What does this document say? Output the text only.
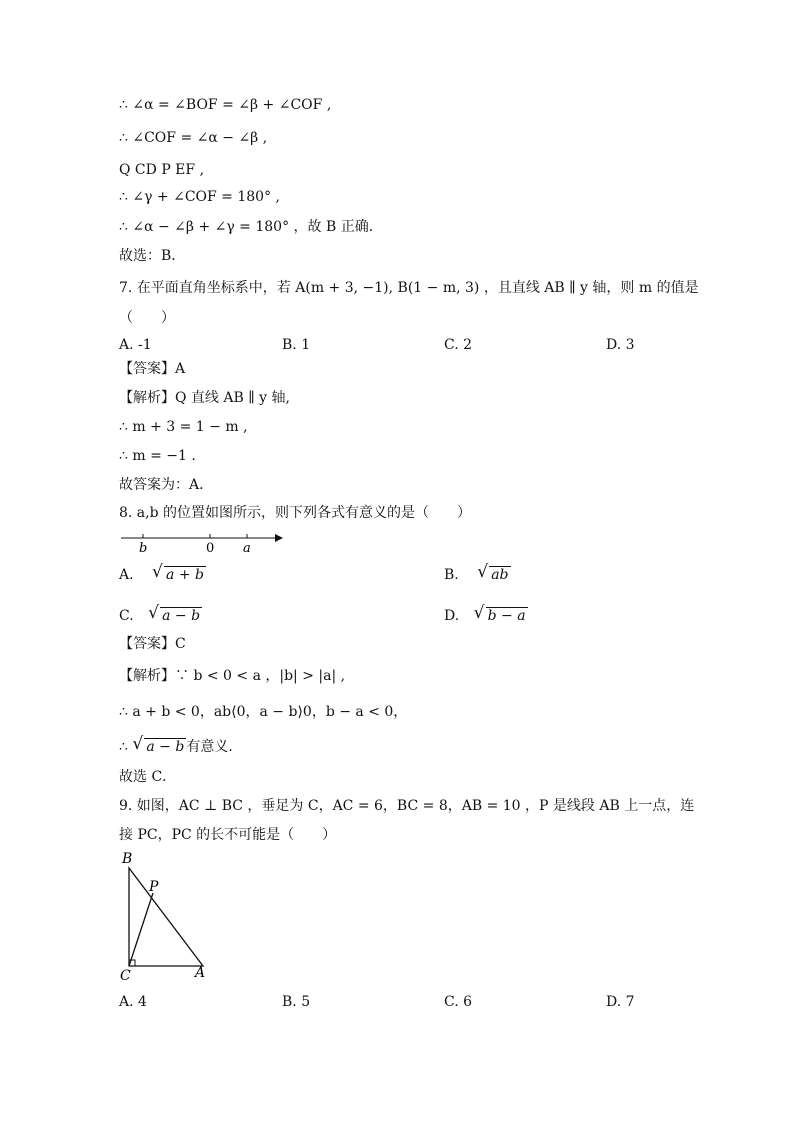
∴ ∠α = ∠BOF = ∠β + ∠COF ,
∴ ∠COF = ∠α − ∠β ,
Q CD P EF ,
∴ ∠γ + ∠COF = 180° ,
∴ ∠α − ∠β + ∠γ = 180° ，故 B 正确．
故选：B．
7. 在平面直角坐标系中，若 A(m + 3, −1), B(1 − m, 3) ，且直线 AB ∥ y 轴，则 m 的值是
（　　）
A. -1	B. 1	C. 2	D. 3
【答案】A
【解析】Q 直线 AB ∥ y 轴,
∴ m + 3 = 1 − m ,
∴ m = −1 .
故答案为：A．
8. a,b 的位置如图所示，则下列各式有意义的是（　　）
b	0 a
A. √ a + b	B. √ ab
C. √ a − b	D. √ b − a
【答案】C
【解析】∵ b < 0 < a ，|b| > |a| ,
∴ a + b < 0，ab⟨0，a − b⟩0，b − a < 0，
∴ √ a − b 有意义．
故选 C．
9. 如图，AC ⊥ BC ，垂足为 C，AC = 6，BC = 8，AB = 10 ，P 是线段 AB 上一点，连
接 PC，PC 的长不可能是（　　）
B
P
C	A
A. 4	B. 5	C. 6	D. 7
